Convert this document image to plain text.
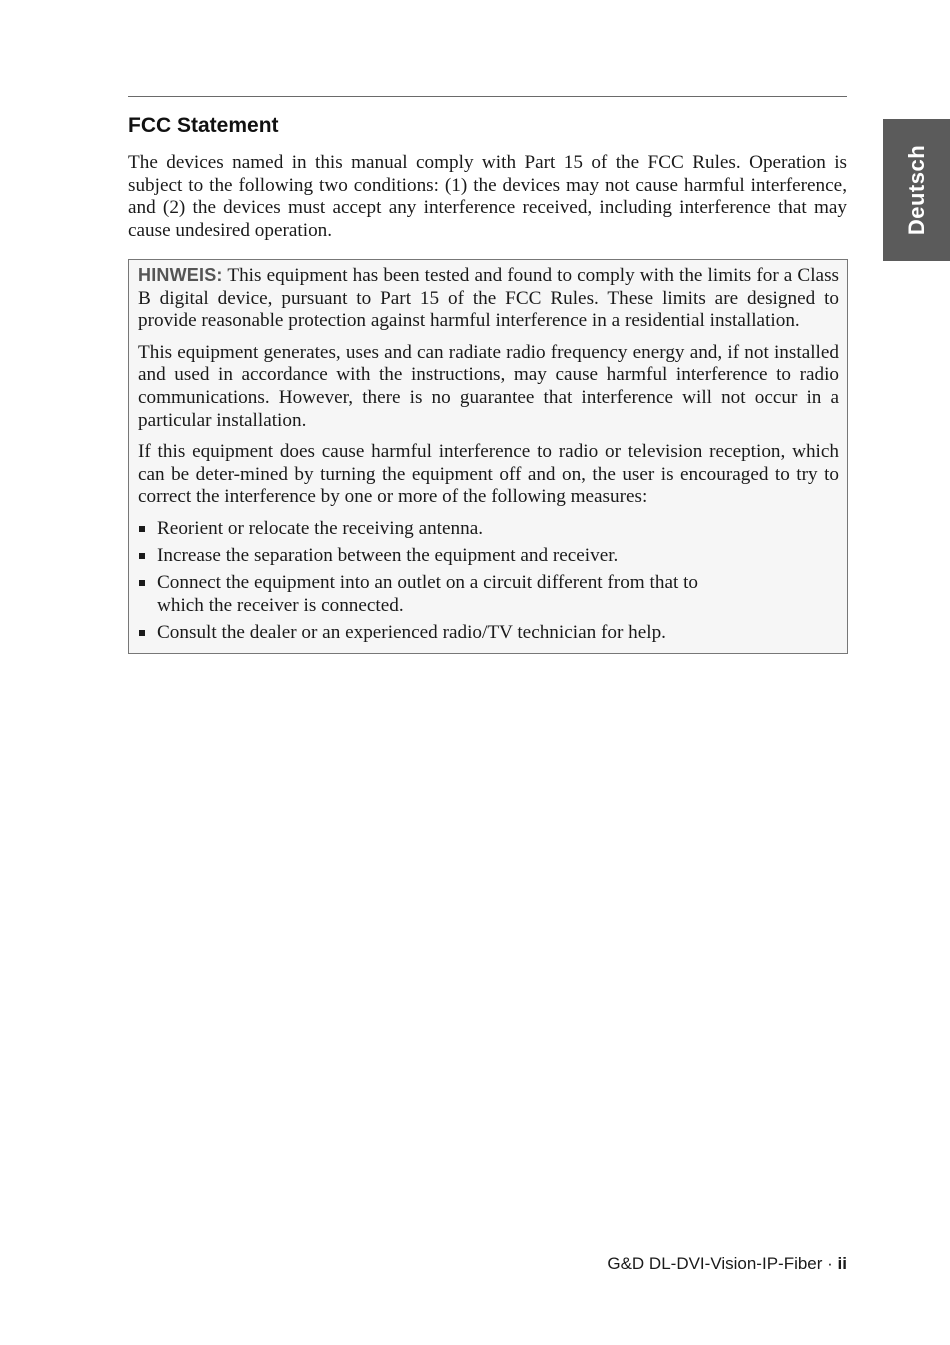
FCC Statement

The devices named in this manual comply with Part 15 of the FCC Rules. Operation is subject to the following two conditions: (1) the devices may not cause harmful interference, and (2) the devices must accept any interference received, including interference that may cause undesired operation.

HINWEIS: This equipment has been tested and found to comply with the limits for a Class B digital device, pursuant to Part 15 of the FCC Rules. These limits are designed to provide reasonable protection against harmful interference in a residential installation.

This equipment generates, uses and can radiate radio frequency energy and, if not installed and used in accordance with the instructions, may cause harmful interference to radio communications. However, there is no guarantee that interference will not occur in a particular installation.

If this equipment does cause harmful interference to radio or television reception, which can be deter-mined by turning the equipment off and on, the user is encouraged to try to correct the interference by one or more of the following measures:

Reorient or relocate the receiving antenna.
Increase the separation between the equipment and receiver.
Connect the equipment into an outlet on a circuit different from that to which the receiver is connected.
Consult the dealer or an experienced radio/TV technician for help.
Deutsch
G&D DL-DVI-Vision-IP-Fiber · ii
